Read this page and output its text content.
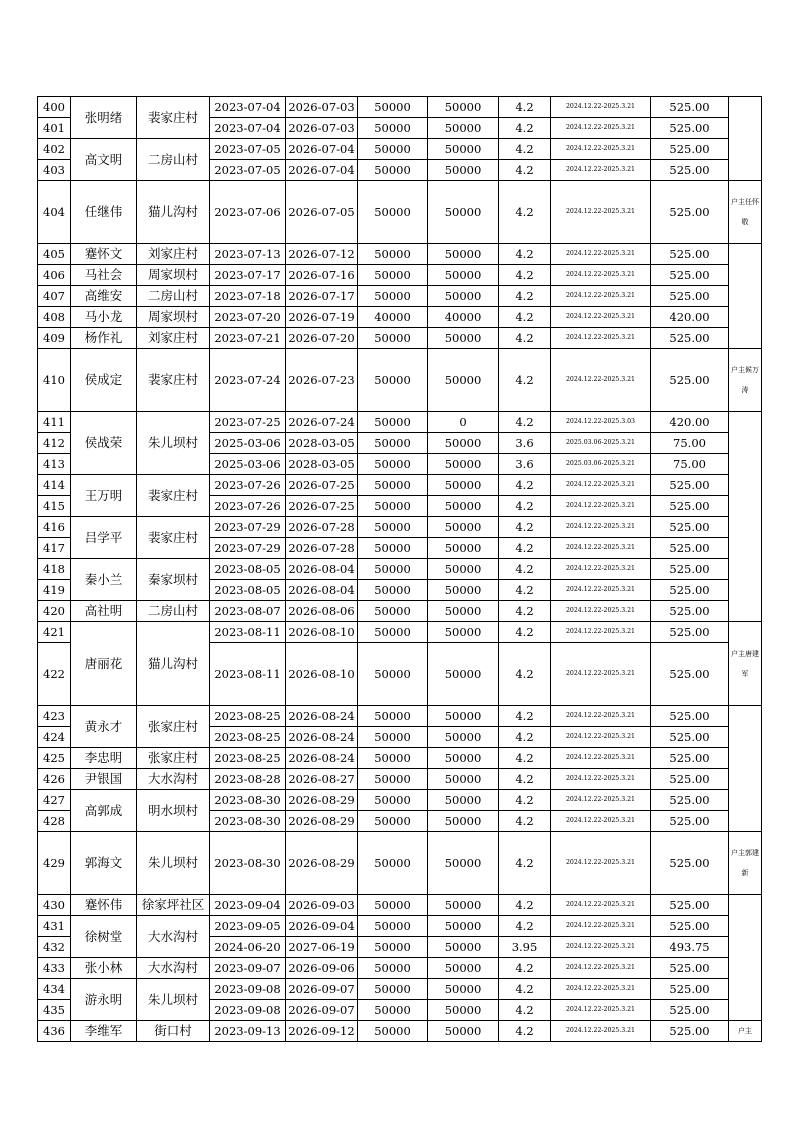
400	张明绪	裴家庄村	2023-07-04	2026-07-03	50000	50000	4.2	2024.12.22-2025.3.21	525.00	
401			2023-07-04	2026-07-03	50000	50000	4.2	2024.12.22-2025.3.21	525.00	
402	高文明	二房山村	2023-07-05	2026-07-04	50000	50000	4.2	2024.12.22-2025.3.21	525.00	
403			2023-07-05	2026-07-04	50000	50000	4.2	2024.12.22-2025.3.21	525.00	
404	任继伟	猫儿沟村	2023-07-06	2026-07-05	50000	50000	4.2	2024.12.22-2025.3.21	525.00	户主任怀敬
405	蹇怀文	刘家庄村	2023-07-13	2026-07-12	50000	50000	4.2	2024.12.22-2025.3.21	525.00	
406	马社会	周家坝村	2023-07-17	2026-07-16	50000	50000	4.2	2024.12.22-2025.3.21	525.00	
407	高维安	二房山村	2023-07-18	2026-07-17	50000	50000	4.2	2024.12.22-2025.3.21	525.00	
408	马小龙	周家坝村	2023-07-20	2026-07-19	40000	40000	4.2	2024.12.22-2025.3.21	420.00	
409	杨作礼	刘家庄村	2023-07-21	2026-07-20	50000	50000	4.2	2024.12.22-2025.3.21	525.00	
410	侯成定	裴家庄村	2023-07-24	2026-07-23	50000	50000	4.2	2024.12.22-2025.3.21	525.00	户主候万涛
411	侯战荣	朱儿坝村	2023-07-25	2026-07-24	50000	0	4.2	2024.12.22-2025.3.03	420.00	
412			2025-03-06	2028-03-05	50000	50000	3.6	2025.03.06-2025.3.21	75.00	
413			2025-03-06	2028-03-05	50000	50000	3.6	2025.03.06-2025.3.21	75.00	
414	王万明	裴家庄村	2023-07-26	2026-07-25	50000	50000	4.2	2024.12.22-2025.3.21	525.00	
415			2023-07-26	2026-07-25	50000	50000	4.2	2024.12.22-2025.3.21	525.00	
416	吕学平	裴家庄村	2023-07-29	2026-07-28	50000	50000	4.2	2024.12.22-2025.3.21	525.00	
417			2023-07-29	2026-07-28	50000	50000	4.2	2024.12.22-2025.3.21	525.00	
418	秦小兰	秦家坝村	2023-08-05	2026-08-04	50000	50000	4.2	2024.12.22-2025.3.21	525.00	
419			2023-08-05	2026-08-04	50000	50000	4.2	2024.12.22-2025.3.21	525.00	
420	高社明	二房山村	2023-08-07	2026-08-06	50000	50000	4.2	2024.12.22-2025.3.21	525.00	
421	唐丽花	猫儿沟村	2023-08-11	2026-08-10	50000	50000	4.2	2024.12.22-2025.3.21	525.00	户主唐建军
422			2023-08-11	2026-08-10	50000	50000	4.2	2024.12.22-2025.3.21	525.00	
423	黄永才	张家庄村	2023-08-25	2026-08-24	50000	50000	4.2	2024.12.22-2025.3.21	525.00	
424			2023-08-25	2026-08-24	50000	50000	4.2	2024.12.22-2025.3.21	525.00	
425	李忠明	张家庄村	2023-08-25	2026-08-24	50000	50000	4.2	2024.12.22-2025.3.21	525.00	
426	尹银国	大水沟村	2023-08-28	2026-08-27	50000	50000	4.2	2024.12.22-2025.3.21	525.00	
427	高郭成	明水坝村	2023-08-30	2026-08-29	50000	50000	4.2	2024.12.22-2025.3.21	525.00	
428			2023-08-30	2026-08-29	50000	50000	4.2	2024.12.22-2025.3.21	525.00	
429	郭海文	朱儿坝村	2023-08-30	2026-08-29	50000	50000	4.2	2024.12.22-2025.3.21	525.00	户主郭建新
430	蹇怀伟	徐家坪社区	2023-09-04	2026-09-03	50000	50000	4.2	2024.12.22-2025.3.21	525.00	
431	徐树堂	大水沟村	2023-09-05	2026-09-04	50000	50000	4.2	2024.12.22-2025.3.21	525.00	
432			2024-06-20	2027-06-19	50000	50000	3.95	2024.12.22-2025.3.21	493.75	
433	张小林	大水沟村	2023-09-07	2026-09-06	50000	50000	4.2	2024.12.22-2025.3.21	525.00	
434	游永明	朱儿坝村	2023-09-08	2026-09-07	50000	50000	4.2	2024.12.22-2025.3.21	525.00	
435			2023-09-08	2026-09-07	50000	50000	4.2	2024.12.22-2025.3.21	525.00	
436	李维军	街口村	2023-09-13	2026-09-12	50000	50000	4.2	2024.12.22-2025.3.21	525.00	户主
